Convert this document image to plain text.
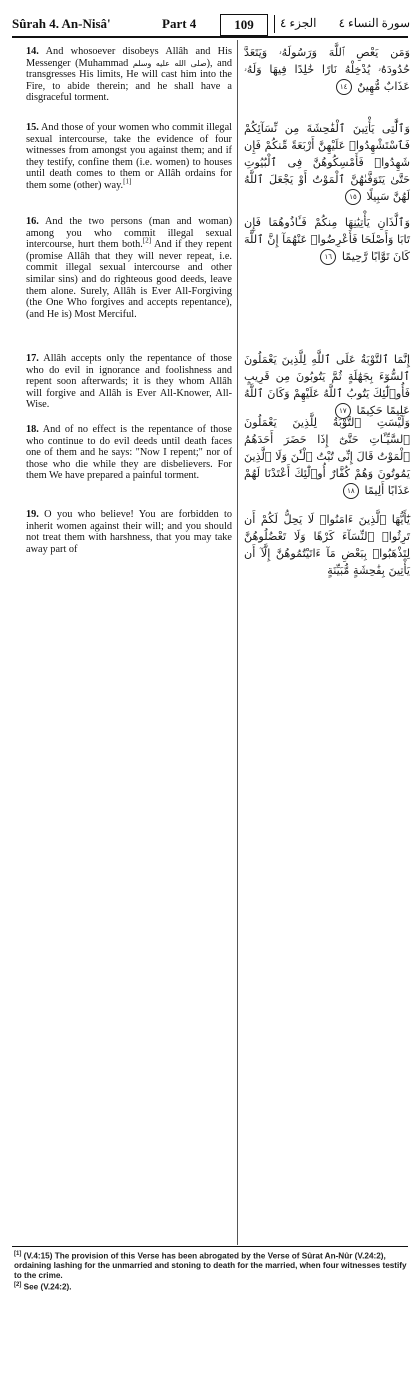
Sûrah 4. An-Nisâ'	Part 4	109	الجزء ٤ سورة النساء ٤
14. And whosoever disobeys Allâh and His Messenger (Muhammad صلى الله عليه وسلم), and transgresses His limits, He will cast him into the Fire, to abide therein; and he shall have a disgraceful torment.
وَمَن يَعْصِ ٱللَّهَ وَرَسُولَهُۥ وَيَتَعَدَّ حُدُودَهُۥ يُدْخِلْهُ نَارًا خَٰلِدًا فِيهَا وَلَهُۥ عَذَابٌ مُّهِينٌ ١٤
15. And those of your women who commit illegal sexual intercourse, take the evidence of four witnesses from amongst you against them; and if they testify, confine them (i.e. women) to houses until death comes to them or Allâh ordains for them some (other) way.[1]
وَٱلَّٰتِى يَأْتِينَ ٱلْفَٰحِشَةَ مِن نِّسَآئِكُمْ فَٱسْتَشْهِدُوا۟ عَلَيْهِنَّ أَرْبَعَةً مِّنكُمْ فَإِن شَهِدُوا۟ فَأَمْسِكُوهُنَّ فِى ٱلْبُيُوتِ حَتَّىٰ يَتَوَفَّىٰهُنَّ ٱلْمَوْتُ أَوْ يَجْعَلَ ٱللَّهُ لَهُنَّ سَبِيلًا ١٥
16. And the two persons (man and woman) among you who commit illegal sexual intercourse, hurt them both.[2] And if they repent (promise Allâh that they will never repeat, i.e. commit illegal sexual intercourse and other similar sins) and do righteous good deeds, leave them alone. Surely, Allâh is Ever All-Forgiving (the One Who forgives and accepts repentance), (and He is) Most Merciful.
وَٱلَّذَانِ يَأْتِيَٰنِهَا مِنكُمْ فَـَٔاذُوهُمَا فَإِن تَابَا وَأَصْلَحَا فَأَعْرِضُوا۟ عَنْهُمَآ إِنَّ ٱللَّهَ كَانَ تَوَّابًا رَّحِيمًا ١٦
17. Allâh accepts only the repentance of those who do evil in ignorance and foolishness and repent soon afterwards; it is they whom Allâh will forgive and Allâh is Ever All-Knower, All-Wise.
إِنَّمَا ٱلتَّوْبَةُ عَلَى ٱللَّهِ لِلَّذِينَ يَعْمَلُونَ ٱلسُّوٓءَ بِجَهَٰلَةٍ ثُمَّ يَتُوبُونَ مِن قَرِيبٍ فَأُو۟لَٰٓئِكَ يَتُوبُ ٱللَّهُ عَلَيْهِمْ وَكَانَ ٱللَّهُ عَلِيمًا حَكِيمًا ١٧
18. And of no effect is the repentance of those who continue to do evil deeds until death faces one of them and he says: "Now I repent;" nor of those who die while they are disbelievers. For them We have prepared a painful torment.
وَلَيْسَتِ ٱلتَّوْبَةُ لِلَّذِينَ يَعْمَلُونَ ٱلسَّيِّـَٔاتِ حَتَّىٰٓ إِذَا حَضَرَ أَحَدَهُمُ ٱلْمَوْتُ قَالَ إِنِّى تُبْتُ ٱلْـَٰٔنَ وَلَا ٱلَّذِينَ يَمُوتُونَ وَهُمْ كُفَّارٌ أُو۟لَٰٓئِكَ أَعْتَدْنَا لَهُمْ عَذَابًا أَلِيمًا ١٨
19. O you who believe! You are forbidden to inherit women against their will; and you should not treat them with harshness, that you may take away part of
يَٰٓأَيُّهَا ٱلَّذِينَ ءَامَنُوا۟ لَا يَحِلُّ لَكُمْ أَن تَرِثُوا۟ ٱلنِّسَآءَ كَرْهًا وَلَا تَعْضُلُوهُنَّ لِتَذْهَبُوا۟ بِبَعْضِ مَآ ءَاتَيْتُمُوهُنَّ إِلَّآ أَن يَأْتِينَ بِفَٰحِشَةٍ مُّبَيِّنَةٍ
[1] (V.4:15) The provision of this Verse has been abrogated by the Verse of Sûrat An-Nûr (V.24:2), ordaining lashing for the unmarried and stoning to death for the married, when four witnesses testify to the crime.
[2] See (V.24:2).
